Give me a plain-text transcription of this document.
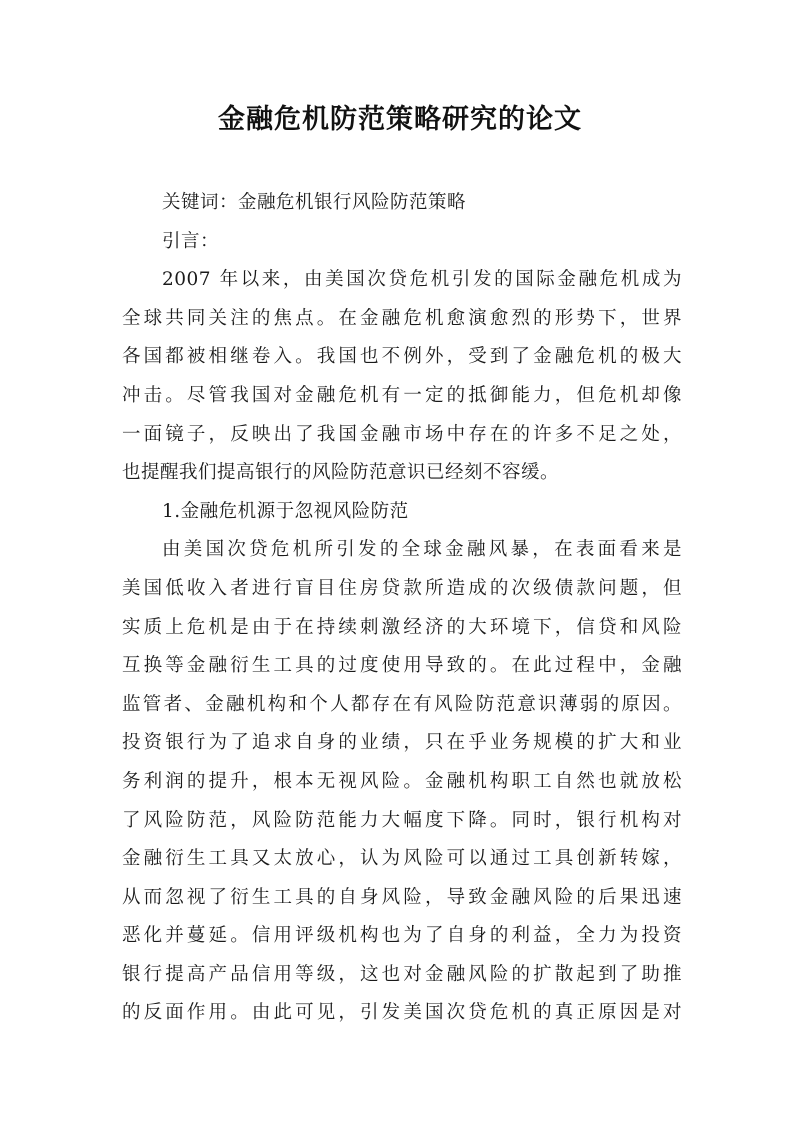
金融危机防范策略研究的论文
关键词：金融危机银行风险防范策略
引言：
2007 年以来，由美国次贷危机引发的国际金融危机成为
全球共同关注的焦点。在金融危机愈演愈烈的形势下，世界
各国都被相继卷入。我国也不例外，受到了金融危机的极大
冲击。尽管我国对金融危机有一定的抵御能力，但危机却像
一面镜子，反映出了我国金融市场中存在的许多不足之处，
也提醒我们提高银行的风险防范意识已经刻不容缓。
1.金融危机源于忽视风险防范
由美国次贷危机所引发的全球金融风暴，在表面看来是
美国低收入者进行盲目住房贷款所造成的次级债款问题，但
实质上危机是由于在持续刺激经济的大环境下，信贷和风险
互换等金融衍生工具的过度使用导致的。在此过程中，金融
监管者、金融机构和个人都存在有风险防范意识薄弱的原因。
投资银行为了追求自身的业绩，只在乎业务规模的扩大和业
务利润的提升，根本无视风险。金融机构职工自然也就放松
了风险防范，风险防范能力大幅度下降。同时，银行机构对
金融衍生工具又太放心，认为风险可以通过工具创新转嫁，
从而忽视了衍生工具的自身风险，导致金融风险的后果迅速
恶化并蔓延。信用评级机构也为了自身的利益，全力为投资
银行提高产品信用等级，这也对金融风险的扩散起到了助推
的反面作用。由此可见，引发美国次贷危机的真正原因是对
